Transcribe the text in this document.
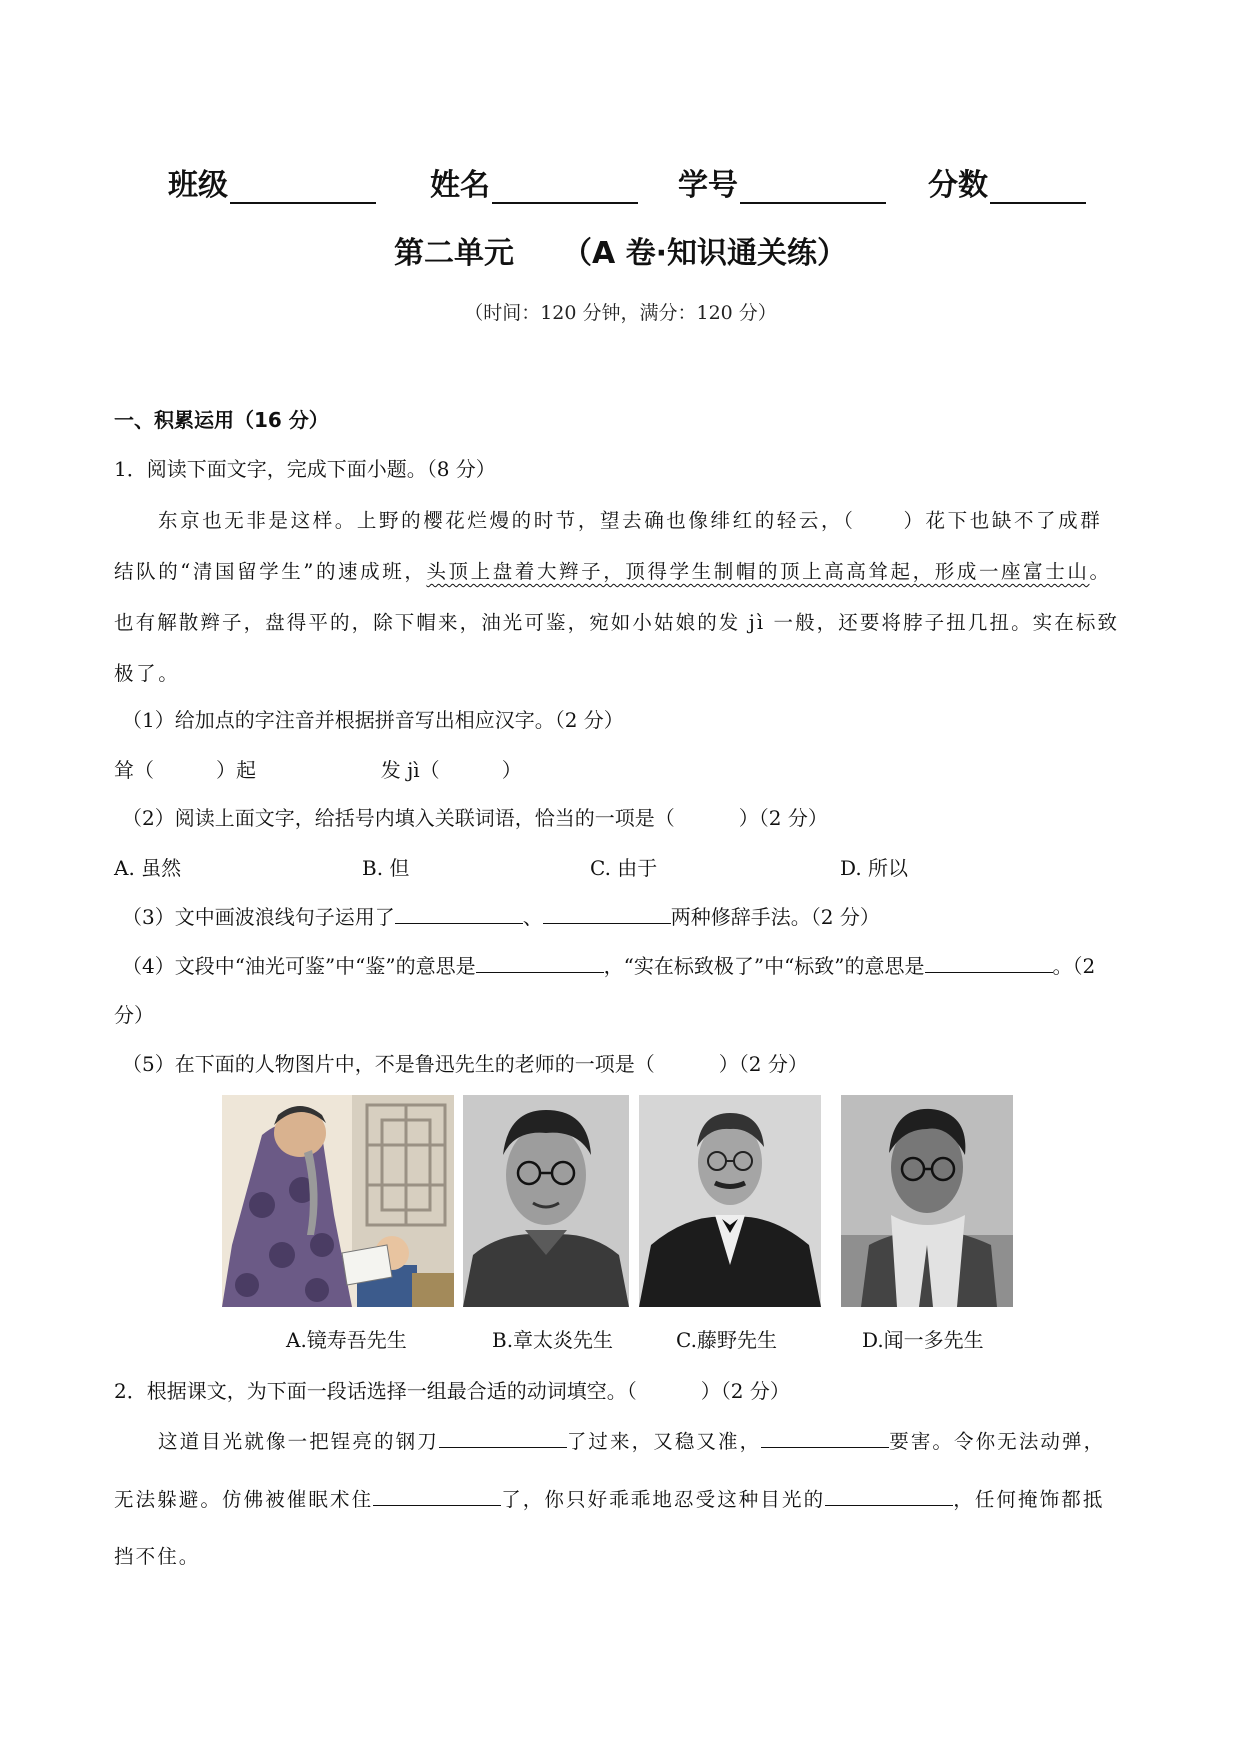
班级	姓名	学号	分数
第二单元 （A 卷·知识通关练）
（时间：120 分钟，满分：120 分）
一、积累运用（16 分）
1．阅读下面文字，完成下面小题。（8 分）
东京也无非是这样。上野的樱花烂熳的时节，望去确也像绯红的轻云，（ ）花下也缺不了成群
结队的“清国留学生”的速成班，头顶上盘着大辫子，顶得学生制帽的顶上高高耸起，形成一座富士山。
也有解散辫子，盘得平的，除下帽来，油光可鉴，宛如小姑娘的发 jì 一般，还要将脖子扭几扭。实在标致
极了。
（1）给加点的字注音并根据拼音写出相应汉字。（2 分）
耸（	）起	发 jì（	）
（2）阅读上面文字，给括号内填入关联词语，恰当的一项是（	）（2 分）
A. 虽然	B. 但	C. 由于	D. 所以
（3）文中画波浪线句子运用了	、	两种修辞手法。（2 分）
（4）文段中“油光可鉴”中“鉴”的意思是	，“实在标致极了”中“标致”的意思是	。（2
分）
（5）在下面的人物图片中，不是鲁迅先生的老师的一项是（	）（2 分）
A.镜寿吾先生	B.章太炎先生	C.藤野先生	D.闻一多先生
2．根据课文，为下面一段话选择一组最合适的动词填空。（	）（2 分）
这道目光就像一把锃亮的钢刀	了过来，又稳又准，	要害。令你无法动弹，
无法躲避。仿佛被催眠术住	了，你只好乖乖地忍受这种目光的	，任何掩饰都抵
挡不住。
